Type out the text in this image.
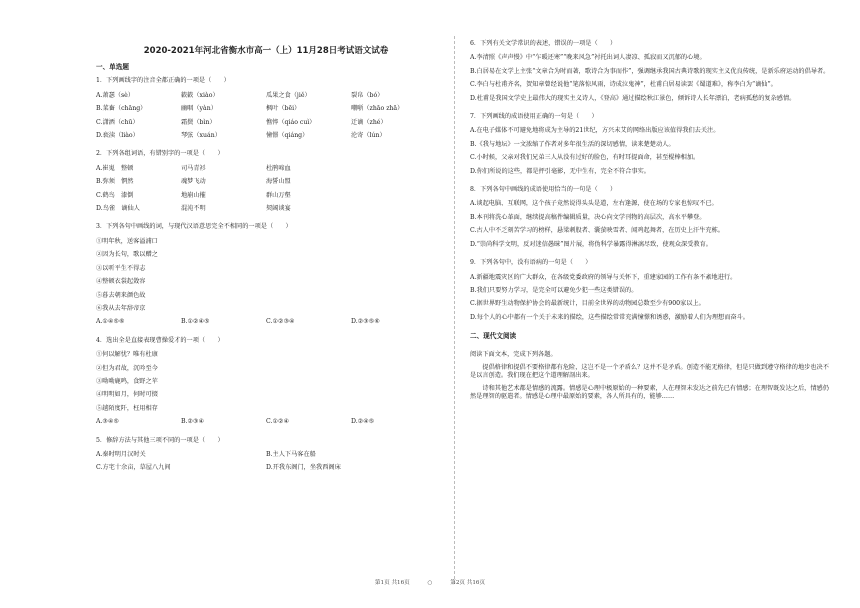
2020-2021年河北省衡水市高一（上）11月28日考试语文试卷
一、单选题
1．下列画线字的注音全都正确的一项是（　　）
A.萧瑟（sè）	簌簌（xiào）	瓜果之食（jiě）	裂帛（bó）
B.菜畜（chāng）	幽咽（yàn）	枫叶（bēi）	嘲哳（zhāo zhā）
C.潇洒（chū）	霜鬓（bìn）	憔悴（qiáo cuì）	迁谪（zhé）
D.亵渎（liào）	琴弦（xuán）	憧憬（qiáng）	沦寄（lún）
2．下列各组词语，有错别字的一项是（　　）
A.崔嵬　整顿	司马青衫	杜鹃啼血
B.弥须　惘然	魂梦飞动	海誓山盟
C.鹤鸟　漆倒	地崩山摧	群山万壑
D.鸟雀　谪仙人	混沌不明	契阔谈宴
3．下列各句中画线的词，与现代汉语意思完全不相同的一项是（　　）
①明年秋，送客溢浦口
②因为长句，歌以赠之
③以听平生不得志
④整顿衣裳起敛容
⑤暮去朝来颜色故
⑥我从去年辞帝京
A.①④⑤⑥	B.①②④⑤	C.①②③④	D.②③⑤⑥
4．选出全是直接表现曹操爱才的一项（　　）
①何以解忧？唯有杜康
②但为君故，沉吟至今
③呦呦鹿鸣，食野之苹
④明明如月，何时可掇
⑤越陌度阡，枉用相存
A.③④⑤	B.②③④	C.①②④	D.②④⑤
5．修辞方法与其他三项不同的一项是（　　）
A.秦时明月汉时关	B.主人下马客在船
C.方宅十余亩，草屋八九间	D.开我东阁门，坐我西阁床
6．下列有关文学常识的表述，错误的一项是（　　）
A.李清照《声声慢》中“乍暖还寒”“晚来风急”衬托出词人凄凉、孤寂而又沉郁的心境。
B.白居易在文学上主张“文章合为时而著，歌诗合为事而作”，强调继承我国古典诗歌的现实主义优良传统，是新乐府运动的倡导者。
C.李白与杜甫齐名，贺知章曾经说他“笔落惊风雨，诗成泣鬼神”，杜甫白居易读罢《蜀道难》，称李白为“谪仙”。
D.杜甫是我国文学史上最伟大的现实主义诗人，《登高》通过描绘秋江景色，倾诉诗人长年漂泊，老病孤愁的复杂感情。
7．下列画线的成语使用正确的一句是（　　）
A.在电子媒体不可避免地将成为主导的21世纪，方兴未艾的网络出版应该值得我们去关注。
B.《我与地坛》一文浓缩了作者对多年很生活的深切感情，读来楚楚动人。
C.小时候，父亲对我们兄弟三人从没有过好的脸色，有时耳提面命，甚至棍棒相加。
D.你们所说的这些，都是抨引毫影，无中生有，完全不符合事实。
8．下列各句中画线的成语使用恰当的一句是（　　）
A.谈起电脑、互联网，这个孩子竟然说得头头是道，左右逢源，使在场的专家也惊叹不已。
B.本刊将洗心革面，继续提高稿件编辑质量，决心向文学刊物的高层次，高水平攀登。
C.古人中不乏刻苦学习的榜样，悬梁刺股者、囊萤映雪者、闻鸡起舞者，在历史上汗牛充栋。
D.“崇尚科学文明，反对迷信愚昧”图片展，将伪科学暴露得淋漓尽致，使观众深受教育。
9．下列各句中，没有语病的一句是（　　）
A.新疆地震灾区的广大群众，在各级党委政府的领导与关怀下，重建家园的工作有条不紊地进行。
B.我们只要努力学习，是完全可以避免少犯一些这类错误的。
C.据世界野生动物保护协会的最新统计，目前全世界的动物园总数至少有900家以上。
D.每个人的心中都有一个关于未来的描绘，这些描绘常常充满憧憬和诱惑，激励着人们为理想而奋斗。
二、现代文阅读
阅读下面文本，完成下列各题。
提倡格律和提倡不要格律都有危险，这岂不是一个矛盾么？这并不是矛盾。创造不能无格律，但是只做到遵守格律的地步也决不是以言创造。我们现在把这个道理解剖出来。
诗和其他艺术都是情感的流露。情感是心理中极原始的一种要素，人在理智未发达之前先已有情感；在理智既发达之后，情感仍然是理智的驱遣者。情感是心理中最原始的要素，各人所具有的，能够……
第1页 共16页	○	第2页 共16页
